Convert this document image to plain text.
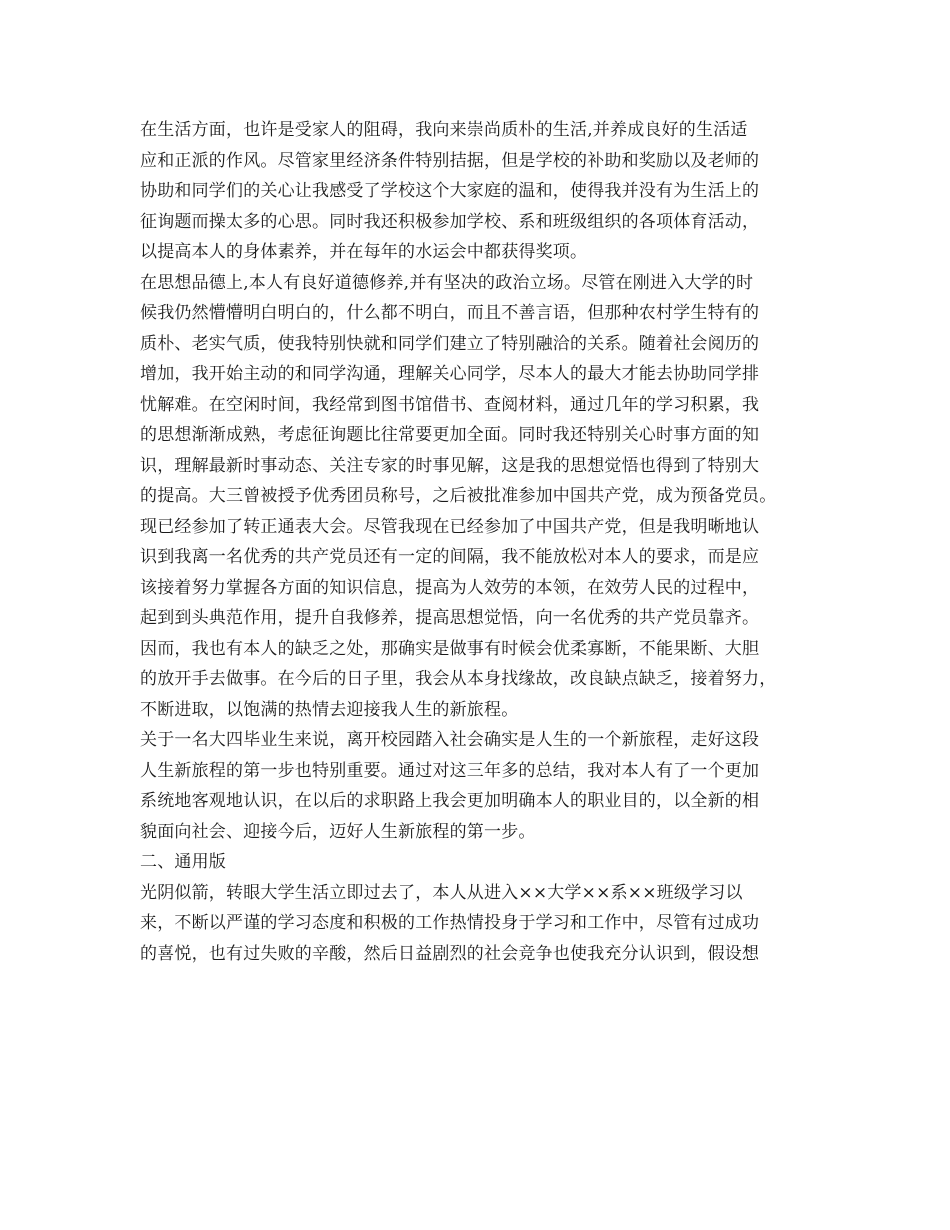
在生活方面，也许是受家人的阻碍，我向来崇尚质朴的生活,并养成良好的生活适
应和正派的作风。尽管家里经济条件特别拮据，但是学校的补助和奖励以及老师的
协助和同学们的关心让我感受了学校这个大家庭的温和，使得我并没有为生活上的
征询题而操太多的心思。同时我还积极参加学校、系和班级组织的各项体育活动，
以提高本人的身体素养，并在每年的水运会中都获得奖项。
在思想品德上,本人有良好道德修养,并有坚决的政治立场。尽管在刚进入大学的时
候我仍然懵懵明白明白的，什么都不明白，而且不善言语，但那种农村学生特有的
质朴、老实气质，使我特别快就和同学们建立了特别融洽的关系。随着社会阅历的
增加，我开始主动的和同学沟通，理解关心同学，尽本人的最大才能去协助同学排
忧解难。在空闲时间，我经常到图书馆借书、查阅材料，通过几年的学习积累，我
的思想渐渐成熟，考虑征询题比往常要更加全面。同时我还特别关心时事方面的知
识，理解最新时事动态、关注专家的时事见解，这是我的思想觉悟也得到了特别大
的提高。大三曾被授予优秀团员称号，之后被批准参加中国共产党，成为预备党员。
现已经参加了转正通表大会。尽管我现在已经参加了中国共产党，但是我明晰地认
识到我离一名优秀的共产党员还有一定的间隔，我不能放松对本人的要求，而是应
该接着努力掌握各方面的知识信息，提高为人效劳的本领，在效劳人民的过程中，
起到到头典范作用，提升自我修养，提高思想觉悟，向一名优秀的共产党员靠齐。
因而，我也有本人的缺乏之处，那确实是做事有时候会优柔寡断，不能果断、大胆
的放开手去做事。在今后的日子里，我会从本身找缘故，改良缺点缺乏，接着努力，
不断进取，以饱满的热情去迎接我人生的新旅程。
关于一名大四毕业生来说，离开校园踏入社会确实是人生的一个新旅程，走好这段
人生新旅程的第一步也特别重要。通过对这三年多的总结，我对本人有了一个更加
系统地客观地认识，在以后的求职路上我会更加明确本人的职业目的，以全新的相
貌面向社会、迎接今后，迈好人生新旅程的第一步。
二、通用版
光阴似箭，转眼大学生活立即过去了，本人从进入××大学××系××班级学习以
来，不断以严谨的学习态度和积极的工作热情投身于学习和工作中，尽管有过成功
的喜悦，也有过失败的辛酸，然后日益剧烈的社会竞争也使我充分认识到，假设想
